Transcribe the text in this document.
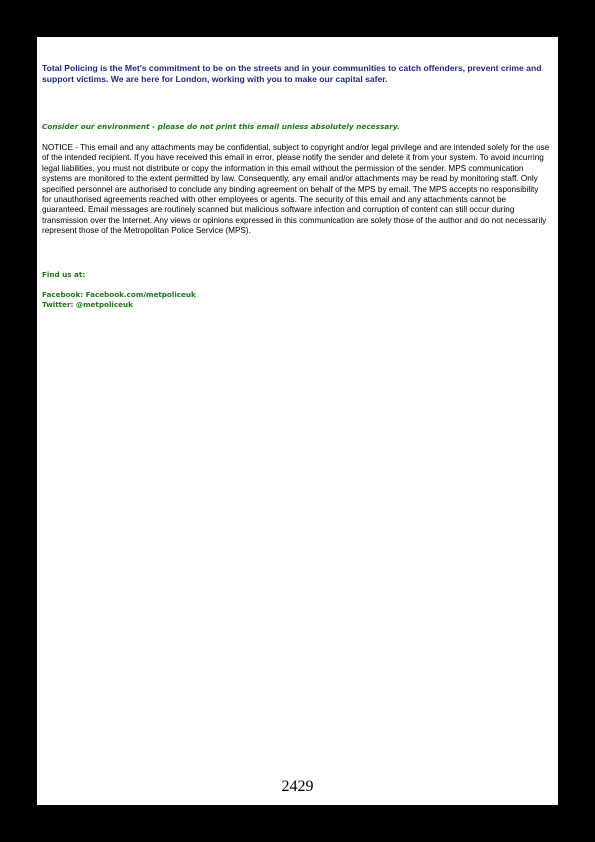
Total Policing is the Met's commitment to be on the streets and in your communities to catch offenders, prevent crime and support victims. We are here for London, working with you to make our capital safer.

Consider our environment - please do not print this email unless absolutely necessary.

NOTICE - This email and any attachments may be confidential, subject to copyright and/or legal privilege and are intended solely for the use of the intended recipient. If you have received this email in error, please notify the sender and delete it from your system. To avoid incurring legal liabilities, you must not distribute or copy the information in this email without the permission of the sender. MPS communication systems are monitored to the extent permitted by law. Consequently, any email and/or attachments may be read by monitoring staff. Only specified personnel are authorised to conclude any binding agreement on behalf of the MPS by email. The MPS accepts no responsibility for unauthorised agreements reached with other employees or agents. The security of this email and any attachments cannot be guaranteed. Email messages are routinely scanned but malicious software infection and corruption of content can still occur during transmission over the Internet. Any views or opinions expressed in this communication are solely those of the author and do not necessarily represent those of the Metropolitan Police Service (MPS).

Find us at:

Facebook: Facebook.com/metpoliceuk
Twitter: @metpoliceuk
2429
